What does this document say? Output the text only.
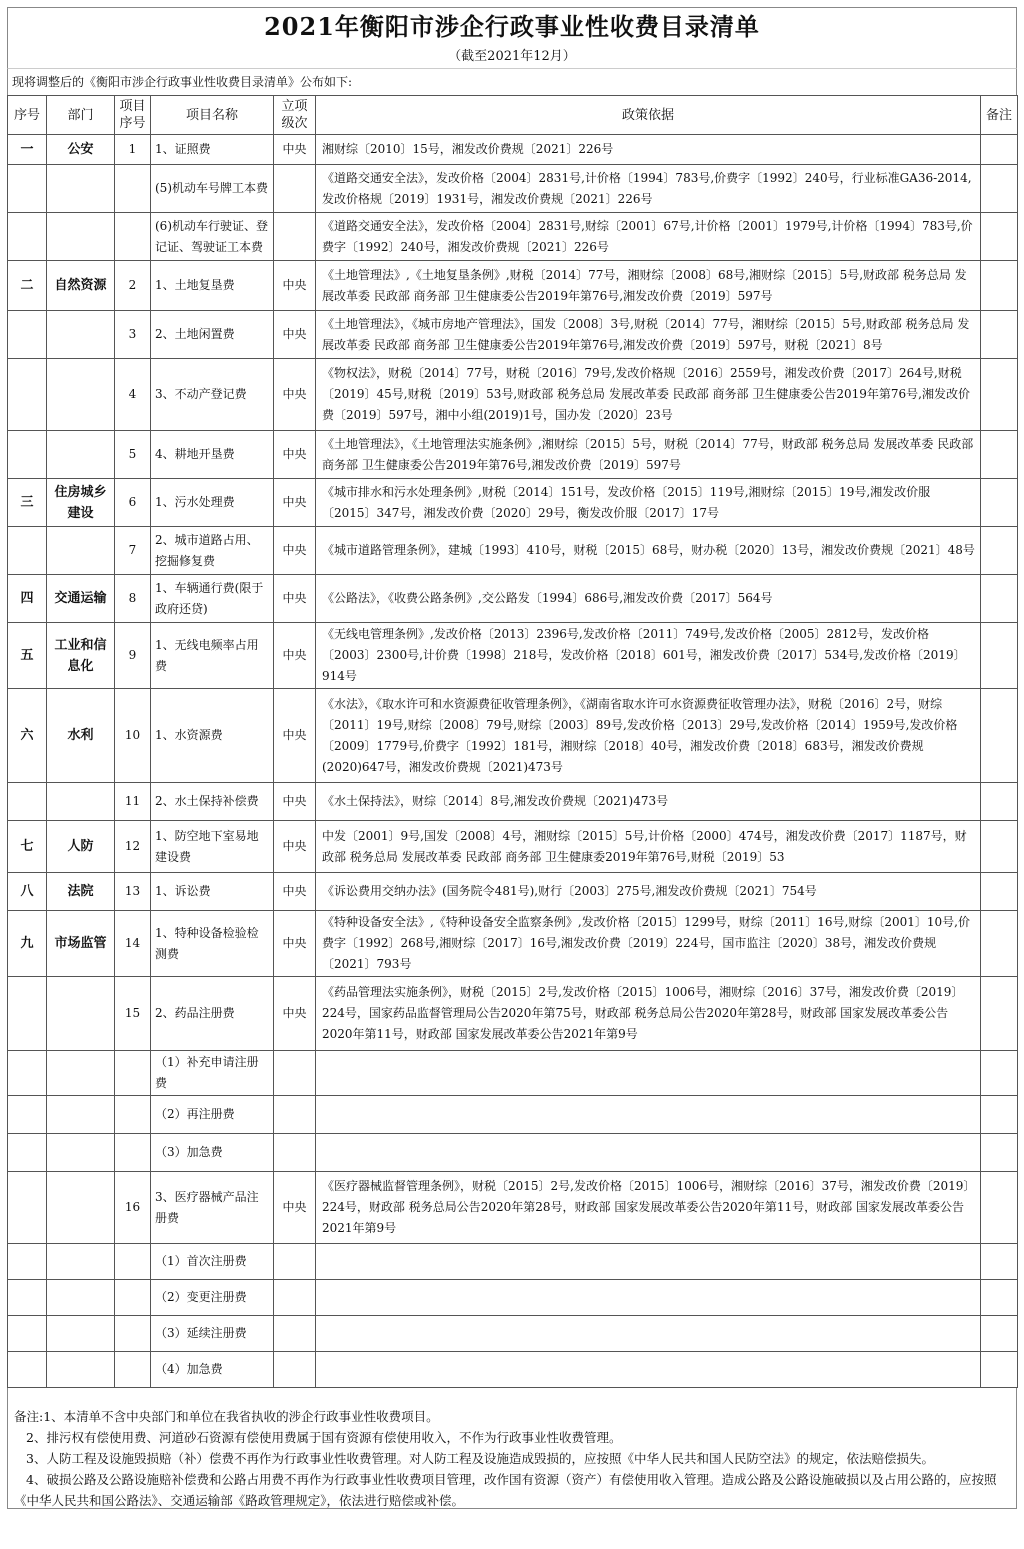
2021年衡阳市涉企行政事业性收费目录清单
（截至2021年12月）
现将调整后的《衡阳市涉企行政事业性收费目录清单》公布如下:
序号	部门	项目序号	项目名称	立项级次	政策依据	备注
一	公安	1	1、证照费	中央	湘财综〔2010〕15号，湘发改价费规〔2021〕226号	
			(5)机动车号牌工本费		《道路交通安全法》，发改价格〔2004〕2831号,计价格〔1994〕783号,价费字〔1992〕240号，行业标准GA36-2014,发改价格规〔2019〕1931号，湘发改价费规〔2021〕226号	
			(6)机动车行驶证、登记证、驾驶证工本费		《道路交通安全法》，发改价格〔2004〕2831号,财综〔2001〕67号,计价格〔2001〕1979号,计价格〔1994〕783号,价费字〔1992〕240号，湘发改价费规〔2021〕226号	
二	自然资源	2	1、土地复垦费	中央	《土地管理法》,《土地复垦条例》,财税〔2014〕77号，湘财综〔2008〕68号,湘财综〔2015〕5号,财政部 税务总局 发展改革委 民政部 商务部 卫生健康委公告2019年第76号,湘发改价费〔2019〕597号	
		3	2、土地闲置费	中央	《土地管理法》，《城市房地产管理法》，国发〔2008〕3号,财税〔2014〕77号，湘财综〔2015〕5号,财政部 税务总局 发展改革委 民政部 商务部 卫生健康委公告2019年第76号,湘发改价费〔2019〕597号，财税〔2021〕8号	
		4	3、不动产登记费	中央	《物权法》，财税〔2014〕77号，财税〔2016〕79号,发改价格规〔2016〕2559号，湘发改价费〔2017〕264号,财税〔2019〕45号,财税〔2019〕53号,财政部 税务总局 发展改革委 民政部 商务部 卫生健康委公告2019年第76号,湘发改价费〔2019〕597号，湘中小组(2019)1号，国办发〔2020〕23号	
		5	4、耕地开垦费	中央	《土地管理法》，《土地管理法实施条例》,湘财综〔2015〕5号，财税〔2014〕77号，财政部 税务总局 发展改革委 民政部 商务部 卫生健康委公告2019年第76号,湘发改价费〔2019〕597号	
三	住房城乡建设	6	1、污水处理费	中央	《城市排水和污水处理条例》,财税〔2014〕151号，发改价格〔2015〕119号,湘财综〔2015〕19号,湘发改价服〔2015〕347号，湘发改价费〔2020〕29号，衡发改价服〔2017〕17号	
		7	2、城市道路占用、挖掘修复费	中央	《城市道路管理条例》，建城〔1993〕410号，财税〔2015〕68号，财办税〔2020〕13号，湘发改价费规〔2021〕48号	
四	交通运输	8	1、车辆通行费(限于政府还贷)	中央	《公路法》，《收费公路条例》,交公路发〔1994〕686号,湘发改价费〔2017〕564号	
五	工业和信息化	9	1、无线电频率占用费	中央	《无线电管理条例》,发改价格〔2013〕2396号,发改价格〔2011〕749号,发改价格〔2005〕2812号，发改价格〔2003〕2300号,计价费〔1998〕218号，发改价格〔2018〕601号，湘发改价费〔2017〕534号,发改价格〔2019〕914号	
六	水利	10	1、水资源费	中央	《水法》，《取水许可和水资源费征收管理条例》，《湖南省取水许可水资源费征收管理办法》，财税〔2016〕2号，财综〔2011〕19号,财综〔2008〕79号,财综〔2003〕89号,发改价格〔2013〕29号,发改价格〔2014〕1959号,发改价格〔2009〕1779号,价费字〔1992〕181号，湘财综〔2018〕40号，湘发改价费〔2018〕683号，湘发改价费规(2020)647号，湘发改价费规〔2021)473号	
		11	2、水土保持补偿费	中央	《水土保持法》，财综〔2014〕8号,湘发改价费规〔2021)473号	
七	人防	12	1、防空地下室易地建设费	中央	中发〔2001〕9号,国发〔2008〕4号，湘财综〔2015〕5号,计价格〔2000〕474号，湘发改价费〔2017〕1187号，财政部 税务总局 发展改革委 民政部 商务部 卫生健康委2019年第76号,财税〔2019〕53	
八	法院	13	1、诉讼费	中央	《诉讼费用交纳办法》(国务院令481号),财行〔2003〕275号,湘发改价费规〔2021〕754号	
九	市场监管	14	1、特种设备检验检测费	中央	《特种设备安全法》,《特种设备安全监察条例》,发改价格〔2015〕1299号，财综〔2011〕16号,财综〔2001〕10号,价费字〔1992〕268号,湘财综〔2017〕16号,湘发改价费〔2019〕224号，国市监注〔2020〕38号，湘发改价费规〔2021〕793号	
		15	2、药品注册费	中央	《药品管理法实施条例》，财税〔2015〕2号,发改价格〔2015〕1006号，湘财综〔2016〕37号，湘发改价费〔2019〕224号，国家药品监督管理局公告2020年第75号，财政部 税务总局公告2020年第28号，财政部 国家发展改革委公告2020年第11号，财政部 国家发展改革委公告2021年第9号	
			（1）补充申请注册费			
			（2）再注册费			
			（3）加急费			
		16	3、医疗器械产品注册费	中央	《医疗器械监督管理条例》，财税〔2015〕2号,发改价格〔2015〕1006号，湘财综〔2016〕37号，湘发改价费〔2019〕224号，财政部 税务总局公告2020年第28号，财政部 国家发展改革委公告2020年第11号，财政部 国家发展改革委公告2021年第9号	
			（1）首次注册费			
			（2）变更注册费			
			（3）延续注册费			
			（4）加急费			
备注:1、本清单不含中央部门和单位在我省执收的涉企行政事业性收费项目。
2、排污权有偿使用费、河道砂石资源有偿使用费属于国有资源有偿使用收入，不作为行政事业性收费管理。
3、人防工程及设施毁损赔（补）偿费不再作为行政事业性收费管理。对人防工程及设施造成毁损的，应按照《中华人民共和国人民防空法》的规定，依法赔偿损失。
4、破损公路及公路设施赔补偿费和公路占用费不再作为行政事业性收费项目管理，改作国有资源（资产）有偿使用收入管理。造成公路及公路设施破损以及占用公路的，应按照《中华人民共和国公路法》、交通运输部《路政管理规定》，依法进行赔偿或补偿。
